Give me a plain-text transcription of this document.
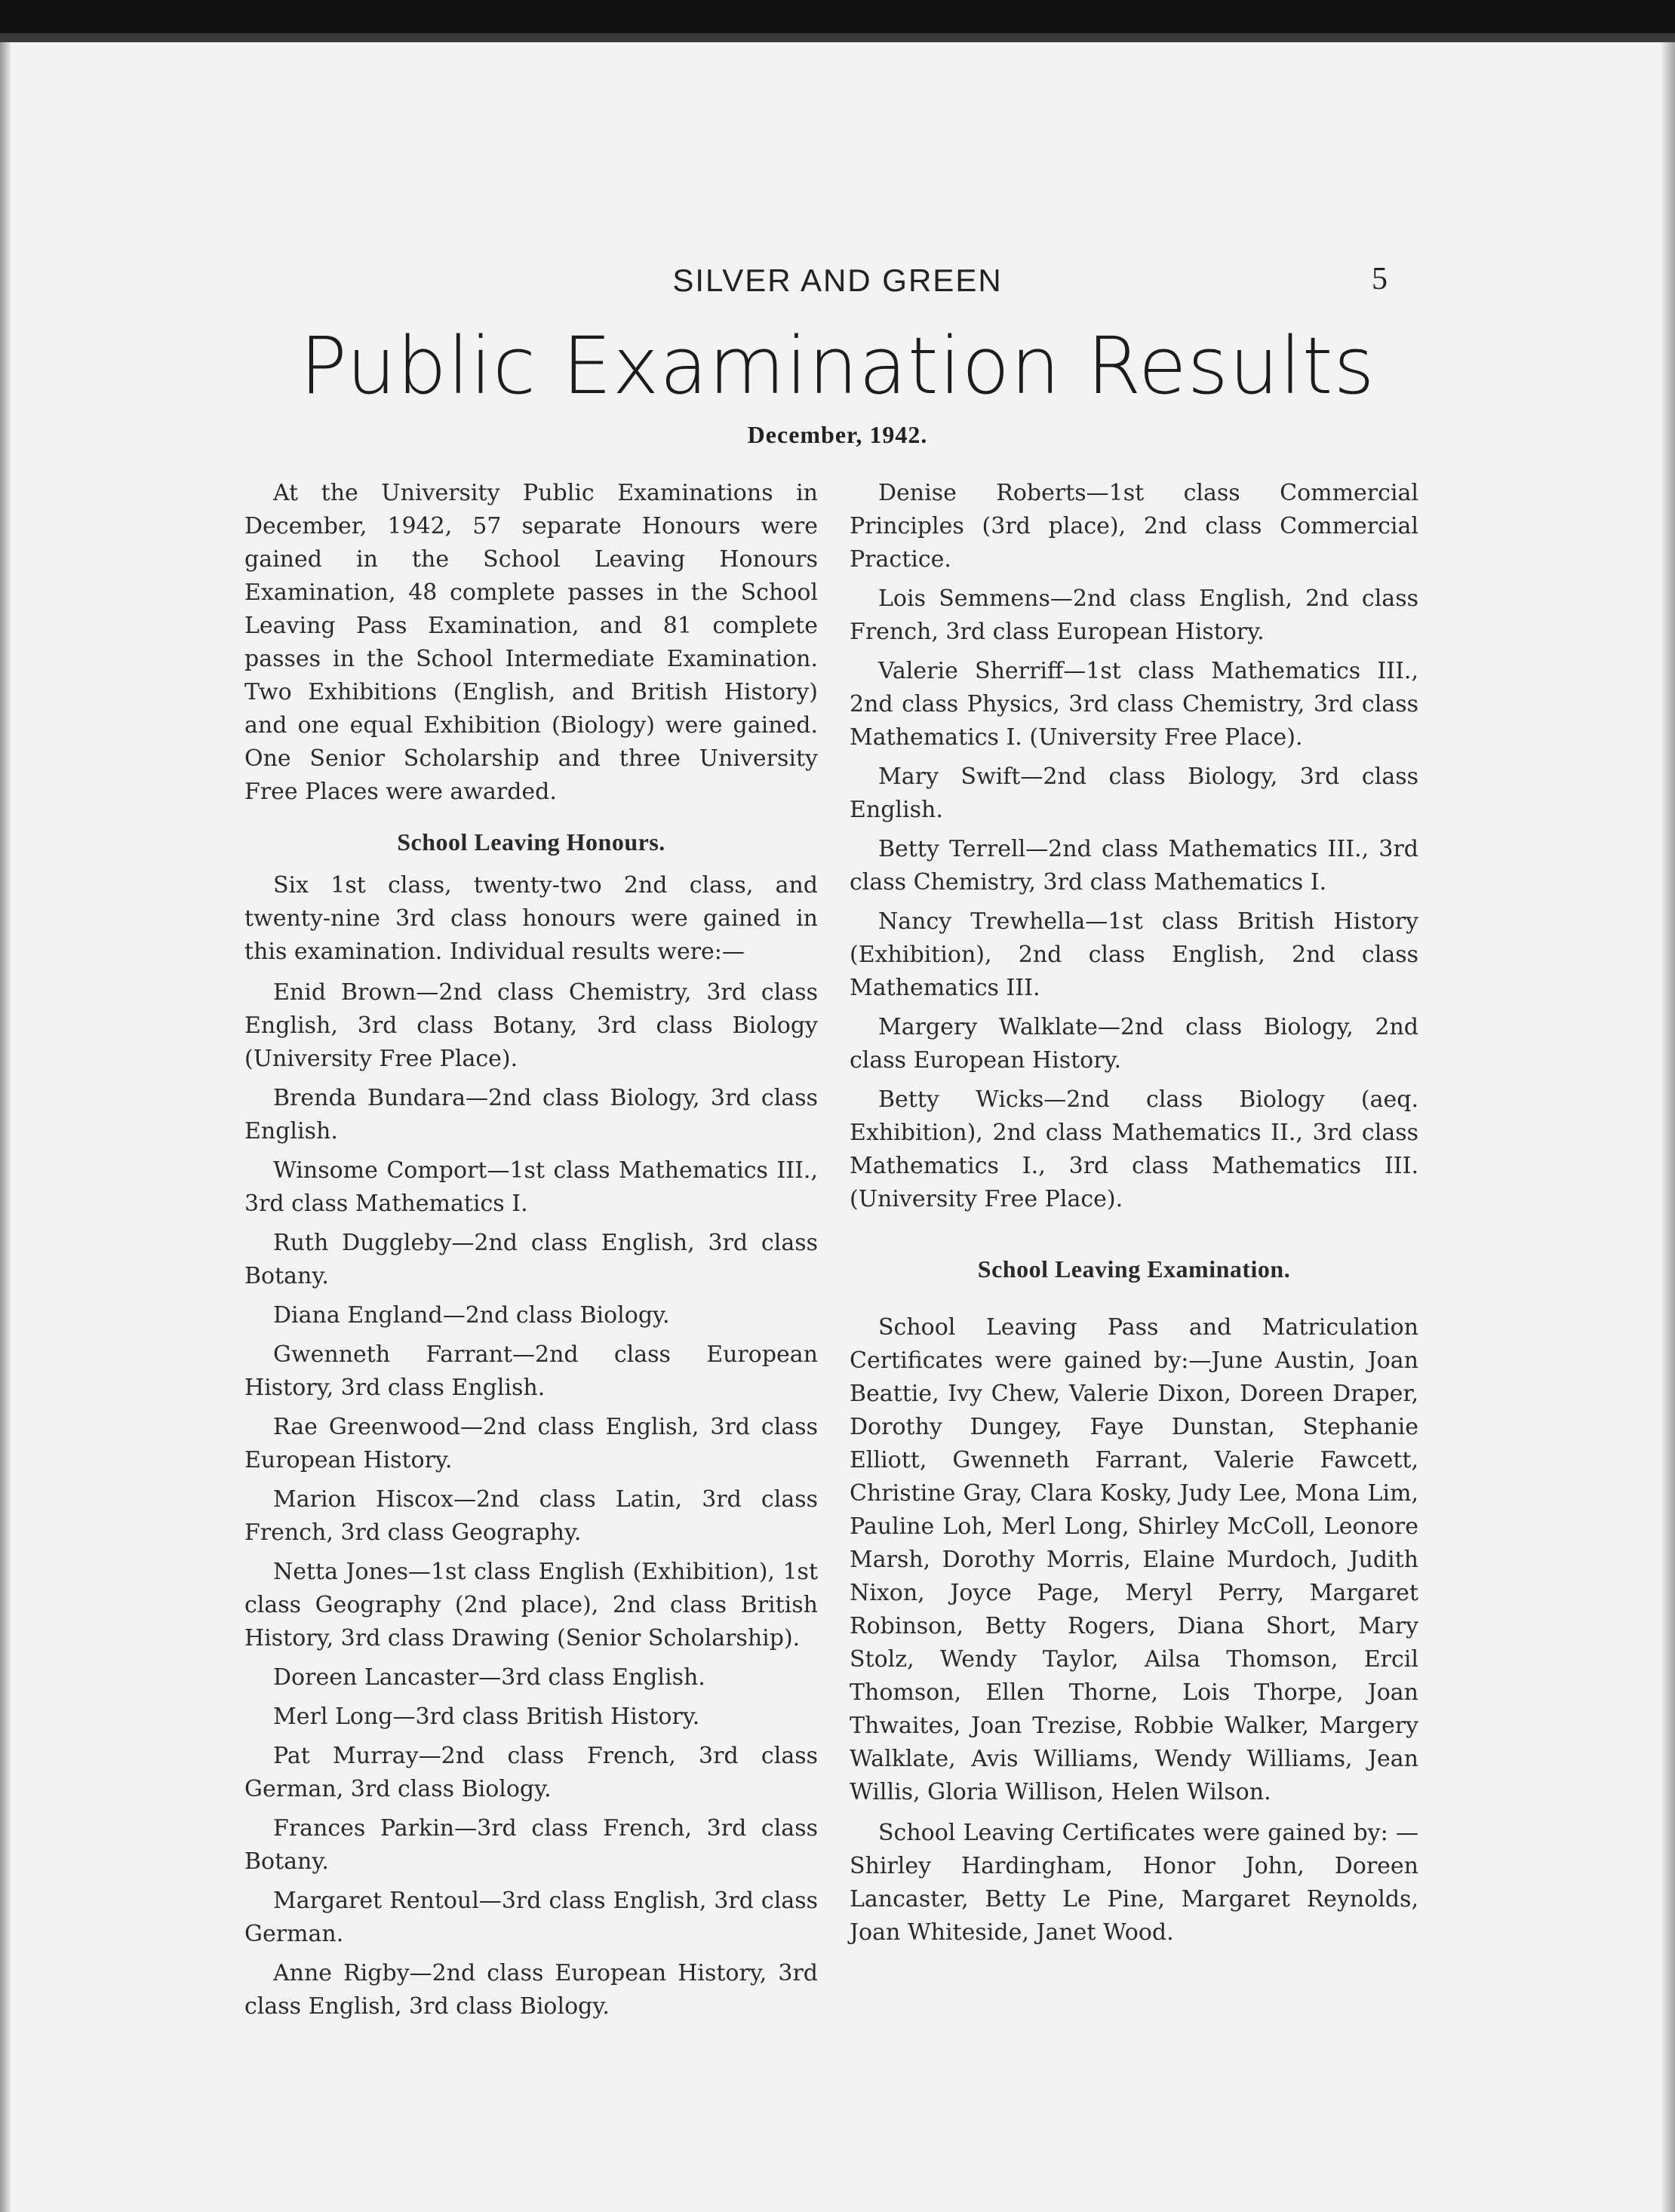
SILVER AND GREEN	5
Public Examination Results
December, 1942.

At the University Public Examinations in December, 1942, 57 separate Honours were gained in the School Leaving Honours Examination, 48 complete passes in the School Leaving Pass Examination, and 81 complete passes in the School Intermediate Examination. Two Exhibitions (English, and British History) and one equal Exhibition (Biology) were gained. One Senior Scholarship and three University Free Places were awarded.

School Leaving Honours.

Six 1st class, twenty-two 2nd class, and twenty-nine 3rd class honours were gained in this examination. Individual results were:—

Enid Brown—2nd class Chemistry, 3rd class English, 3rd class Botany, 3rd class Biology (University Free Place).

Brenda Bundara—2nd class Biology, 3rd class English.

Winsome Comport—1st class Mathematics III., 3rd class Mathematics I.

Ruth Duggleby—2nd class English, 3rd class Botany.

Diana England—2nd class Biology.

Gwenneth Farrant—2nd class European History, 3rd class English.

Rae Greenwood—2nd class English, 3rd class European History.

Marion Hiscox—2nd class Latin, 3rd class French, 3rd class Geography.

Netta Jones—1st class English (Exhibition), 1st class Geography (2nd place), 2nd class British History, 3rd class Drawing (Senior Scholarship).

Doreen Lancaster—3rd class English.

Merl Long—3rd class British History.

Pat Murray—2nd class French, 3rd class German, 3rd class Biology.

Frances Parkin—3rd class French, 3rd class Botany.

Margaret Rentoul—3rd class English, 3rd class German.

Anne Rigby—2nd class European History, 3rd class English, 3rd class Biology.

Denise Roberts—1st class Commercial Principles (3rd place), 2nd class Commercial Practice.

Lois Semmens—2nd class English, 2nd class French, 3rd class European History.

Valerie Sherriff—1st class Mathematics III., 2nd class Physics, 3rd class Chemistry, 3rd class Mathematics I. (University Free Place).

Mary Swift—2nd class Biology, 3rd class English.

Betty Terrell—2nd class Mathematics III., 3rd class Chemistry, 3rd class Mathematics I.

Nancy Trewhella—1st class British History (Exhibition), 2nd class English, 2nd class Mathematics III.

Margery Walklate—2nd class Biology, 2nd class European History.

Betty Wicks—2nd class Biology (aeq. Exhibition), 2nd class Mathematics II., 3rd class Mathematics I., 3rd class Mathematics III. (University Free Place).

School Leaving Examination.

School Leaving Pass and Matriculation Certificates were gained by:—June Austin, Joan Beattie, Ivy Chew, Valerie Dixon, Doreen Draper, Dorothy Dungey, Faye Dunstan, Stephanie Elliott, Gwenneth Farrant, Valerie Fawcett, Christine Gray, Clara Kosky, Judy Lee, Mona Lim, Pauline Loh, Merl Long, Shirley McColl, Leonore Marsh, Dorothy Morris, Elaine Murdoch, Judith Nixon, Joyce Page, Meryl Perry, Margaret Robinson, Betty Rogers, Diana Short, Mary Stolz, Wendy Taylor, Ailsa Thomson, Ercil Thomson, Ellen Thorne, Lois Thorpe, Joan Thwaites, Joan Trezise, Robbie Walker, Margery Walklate, Avis Williams, Wendy Williams, Jean Willis, Gloria Willison, Helen Wilson.

School Leaving Certificates were gained by: —Shirley Hardingham, Honor John, Doreen Lancaster, Betty Le Pine, Margaret Reynolds, Joan Whiteside, Janet Wood.
